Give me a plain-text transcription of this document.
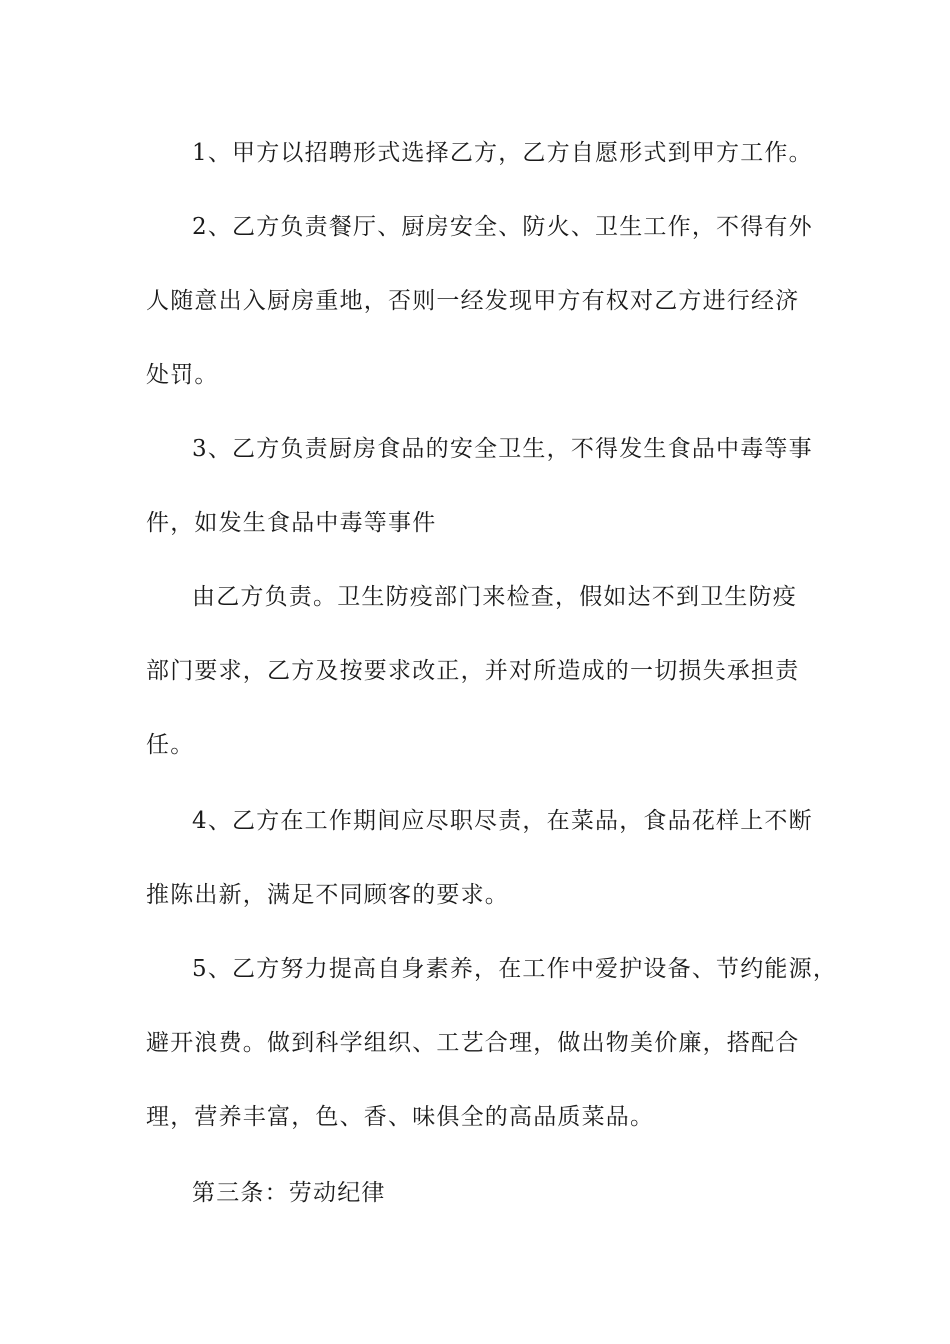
1、甲方以招聘形式选择乙方，乙方自愿形式到甲方工作。
2、乙方负责餐厅、厨房安全、防火、卫生工作，不得有外
人随意出入厨房重地，否则一经发现甲方有权对乙方进行经济
处罚。
3、乙方负责厨房食品的安全卫生，不得发生食品中毒等事
件，如发生食品中毒等事件
由乙方负责。卫生防疫部门来检查，假如达不到卫生防疫
部门要求，乙方及按要求改正，并对所造成的一切损失承担责
任。
4、乙方在工作期间应尽职尽责，在菜品，食品花样上不断
推陈出新，满足不同顾客的要求。
5、乙方努力提高自身素养，在工作中爱护设备、节约能源，
避开浪费。做到科学组织、工艺合理，做出物美价廉，搭配合
理，营养丰富，色、香、味俱全的高品质菜品。
第三条：劳动纪律
